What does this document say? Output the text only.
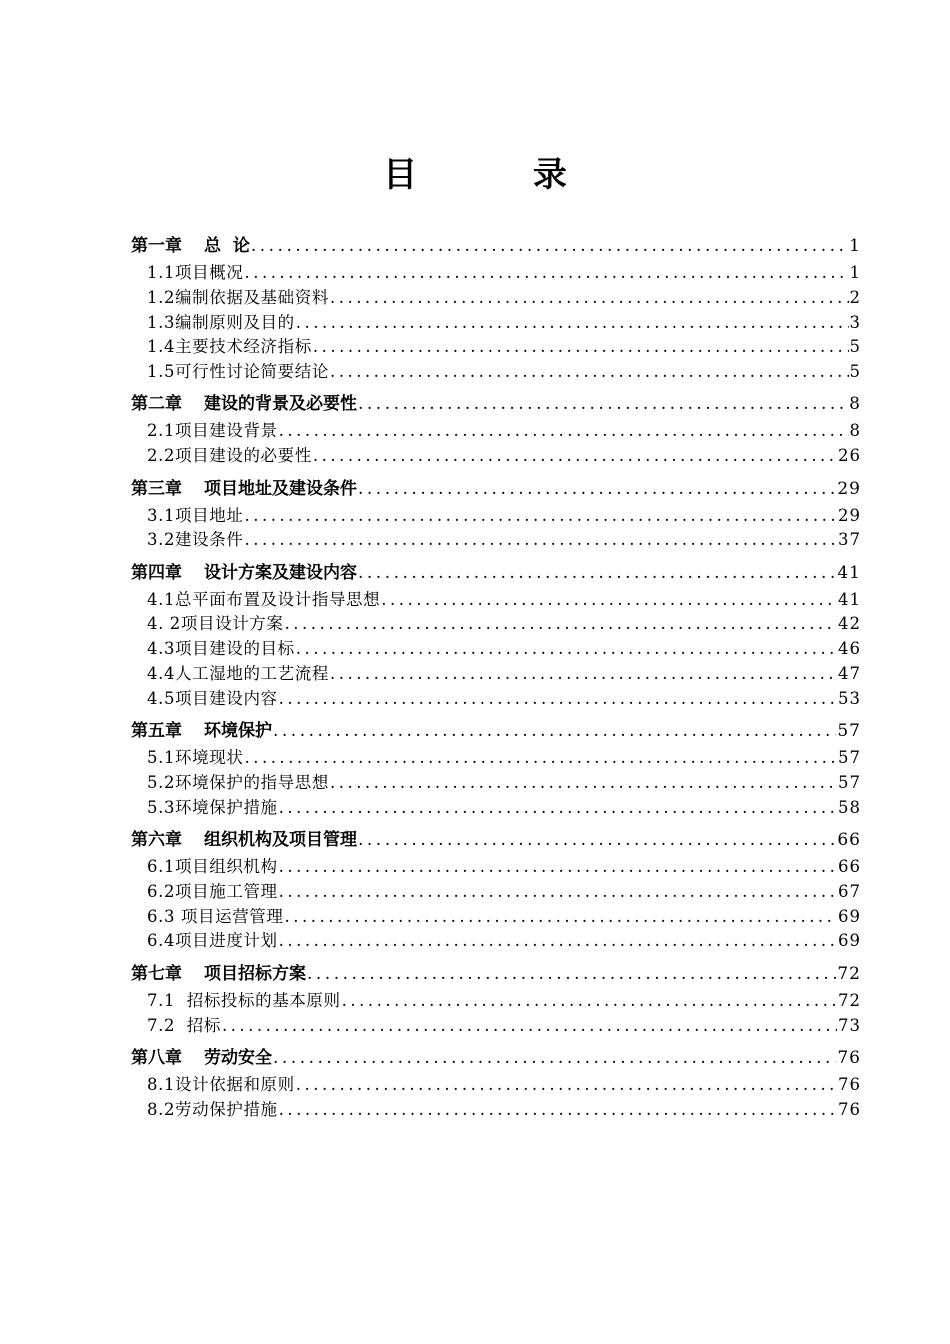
目 录
第一章 总  论 .....	1
1.1 项目概况 .....	1
1.2 编制依据及基础资料 .....	2
1.3 编制原则及目的 .....	3
1.4 主要技术经济指标 .....	5
1.5 可行性讨论简要结论 .....	5
第二章 建设的背景及必要性 .....	8
2.1 项目建设背景 .....	8
2.2 项目建设的必要性 .....	26
第三章 项目地址及建设条件 .....	29
3.1 项目地址 .....	29
3.2 建设条件 .....	37
第四章 设计方案及建设内容 .....	41
4.1 总平面布置及设计指导思想 .....	41
4. 2 项目设计方案 .....	42
4.3 项目建设的目标 .....	46
4.4 人工湿地的工艺流程 .....	47
4.5 项目建设内容 .....	53
第五章 环境保护 .....	57
5.1 环境现状 .....	57
5.2 环境保护的指导思想 .....	57
5.3 环境保护措施 .....	58
第六章 组织机构及项目管理 .....	66
6.1 项目组织机构 .....	66
6.2 项目施工管理 .....	67
6.3 项目运营管理 .....	69
6.4 项目进度计划 .....	69
第七章 项目招标方案 .....	72
7.1 招标投标的基本原则 .....	72
7.2 招标 .....	73
第八章 劳动安全 .....	76
8.1 设计依据和原则 .....	76
8.2 劳动保护措施 .....	76
